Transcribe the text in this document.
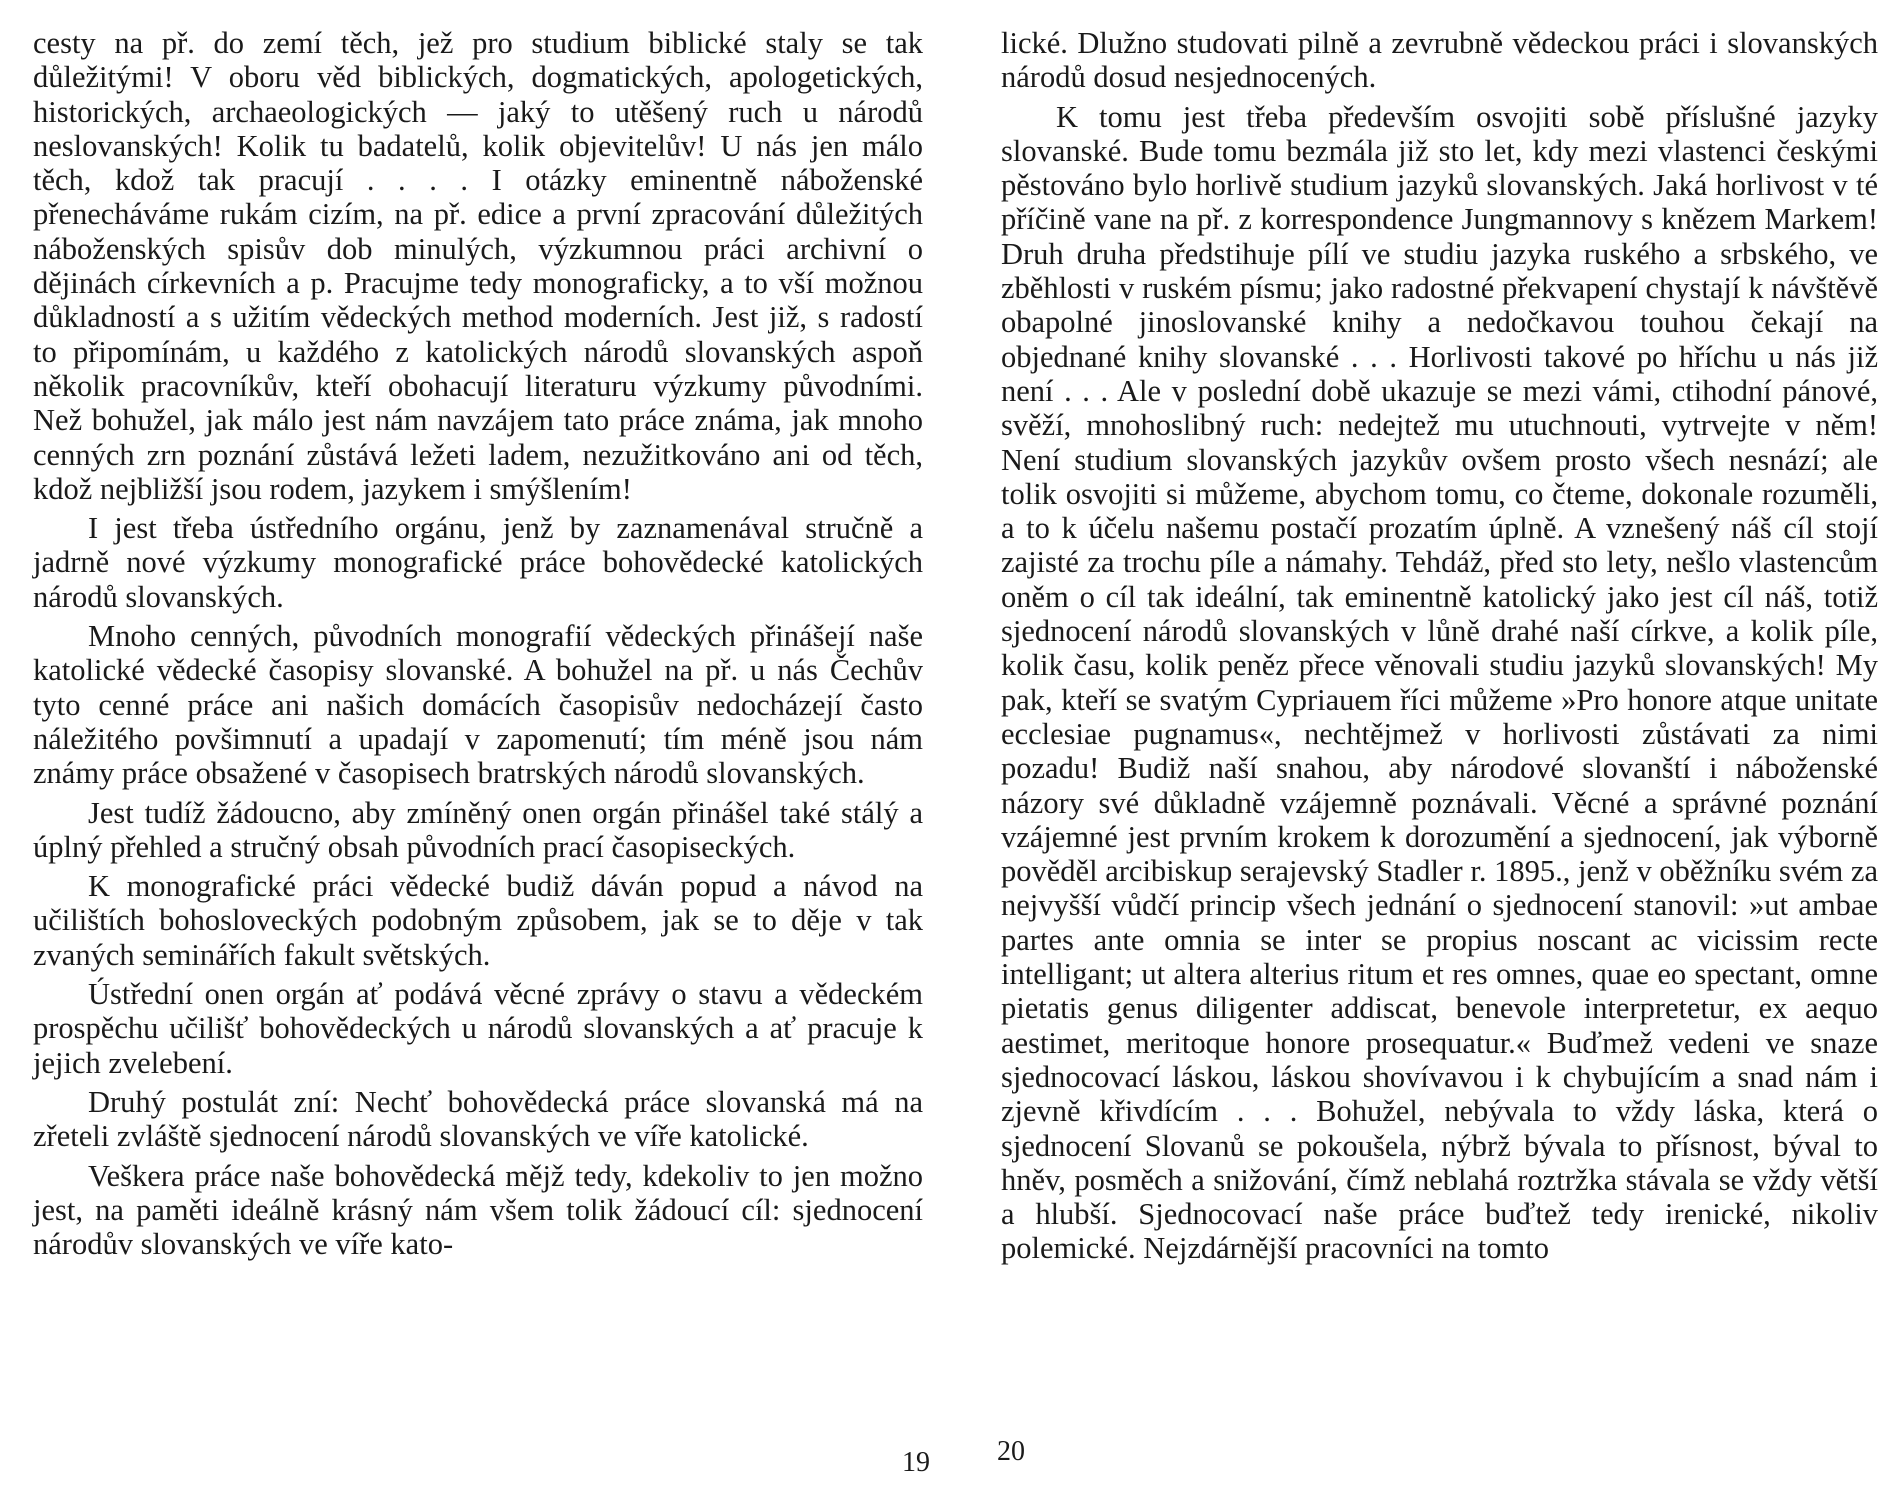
cesty na př. do zemí těch, jež pro studium biblické staly se tak důležitými! V oboru věd biblických, dogmatických, apologetických, historických, archaeologických — jaký to utěšený ruch u národů neslovanských! Kolik tu badatelů, kolik objevitelův! U nás jen málo těch, kdož tak pracují . . . . I otázky eminentně náboženské přenecháváme rukám cizím, na př. edice a první zpracování důležitých náboženských spisův dob minulých, výzkumnou práci archivní o dějinách církevních a p. Pracujme tedy monograficky, a to vší možnou důkladností a s užitím vědeckých method moderních. Jest již, s radostí to připomínám, u každého z katolických národů slovanských aspoň několik pracovníkův, kteří obohacují literaturu výzkumy původními. Než bohužel, jak málo jest nám navzájem tato práce známa, jak mnoho cenných zrn poznání zůstává ležeti ladem, nezužitkováno ani od těch, kdož nejbližší jsou rodem, jazykem i smýšlením!

I jest třeba ústředního orgánu, jenž by zaznamenával stručně a jadrně nové výzkumy monografické práce bohovědecké katolických národů slovanských.

Mnoho cenných, původních monografií vědeckých přinášejí naše katolické vědecké časopisy slovanské. A bohužel na př. u nás Čechův tyto cenné práce ani našich domácích časopisův nedocházejí často náležitého povšimnutí a upadají v zapomenutí; tím méně jsou nám známy práce obsažené v časopisech bratrských národů slovanských.

Jest tudíž žádoucno, aby zmíněný onen orgán přinášel také stálý a úplný přehled a stručný obsah původních prací časopiseckých.

K monografické práci vědecké budiž dáván popud a návod na učilištích bohosloveckých podobným způsobem, jak se to děje v tak zvaných seminářích fakult světských.

Ústřední onen orgán ať podává věcné zprávy o stavu a vědeckém prospěchu učilišť bohovědeckých u národů slovanských a ať pracuje k jejich zvelebení.

Druhý postulát zní: Nechť bohovědecká práce slovanská má na zřeteli zvláště sjednocení národů slovanských ve víře katolické.

Veškera práce naše bohovědecká mějž tedy, kdekoliv to jen možno jest, na paměti ideálně krásný nám všem tolik žádoucí cíl: sjednocení národův slovanských ve víře kato-

19

lické. Dlužno studovati pilně a zevrubně vědeckou práci i slovanských národů dosud nesjednocených.

K tomu jest třeba především osvojiti sobě příslušné jazyky slovanské. Bude tomu bezmála již sto let, kdy mezi vlastenci českými pěstováno bylo horlivě studium jazyků slovanských. Jaká horlivost v té příčině vane na př. z korrespondence Jungmannovy s knězem Markem! Druh druha předstihuje pílí ve studiu jazyka ruského a srbského, ve zběhlosti v ruském písmu; jako radostné překvapení chystají k návštěvě obapolné jinoslovanské knihy a nedočkavou touhou čekají na objednané knihy slovanské . . . Horlivosti takové po hříchu u nás již není . . . Ale v poslední době ukazuje se mezi vámi, ctihodní pánové, svěží, mnohoslibný ruch: nedejtež mu utuchnouti, vytrvejte v něm! Není studium slovanských jazykův ovšem prosto všech nesnází; ale tolik osvojiti si můžeme, abychom tomu, co čteme, dokonale rozuměli, a to k účelu našemu postačí prozatím úplně. A vznešený náš cíl stojí zajisté za trochu píle a námahy. Tehdáž, před sto lety, nešlo vlastencům oněm o cíl tak ideální, tak eminentně katolický jako jest cíl náš, totiž sjednocení národů slovanských v lůně drahé naší církve, a kolik píle, kolik času, kolik peněz přece věnovali studiu jazyků slovanských! My pak, kteří se svatým Cypriauem říci můžeme »Pro honore atque unitate ecclesiae pugnamus«, nechtějmež v horlivosti zůstávati za nimi pozadu! Budiž naší snahou, aby národové slovanští i náboženské názory své důkladně vzájemně poznávali. Věcné a správné poznání vzájemné jest prvním krokem k dorozumění a sjednocení, jak výborně pověděl arcibiskup serajevský Stadler r. 1895., jenž v oběžníku svém za nejvyšší vůdčí princip všech jednání o sjednocení stanovil: »ut ambae partes ante omnia se inter se propius noscant ac vicissim recte intelligant; ut altera alterius ritum et res omnes, quae eo spectant, omne pietatis genus diligenter addiscat, benevole interpretetur, ex aequo aestimet, meritoque honore prosequatur.« Buďmež vedeni ve snaze sjednocovací láskou, láskou shovívavou i k chybujícím a snad nám i zjevně křivdícím . . . Bohužel, nebývala to vždy láska, která o sjednocení Slovanů se pokoušela, nýbrž bývala to přísnost, býval to hněv, posměch a snižování, čímž neblahá roztržka stávala se vždy větší a hlubší. Sjednocovací naše práce buďtež tedy irenické, nikoliv polemické. Nejzdárnější pracovníci na tomto

20
